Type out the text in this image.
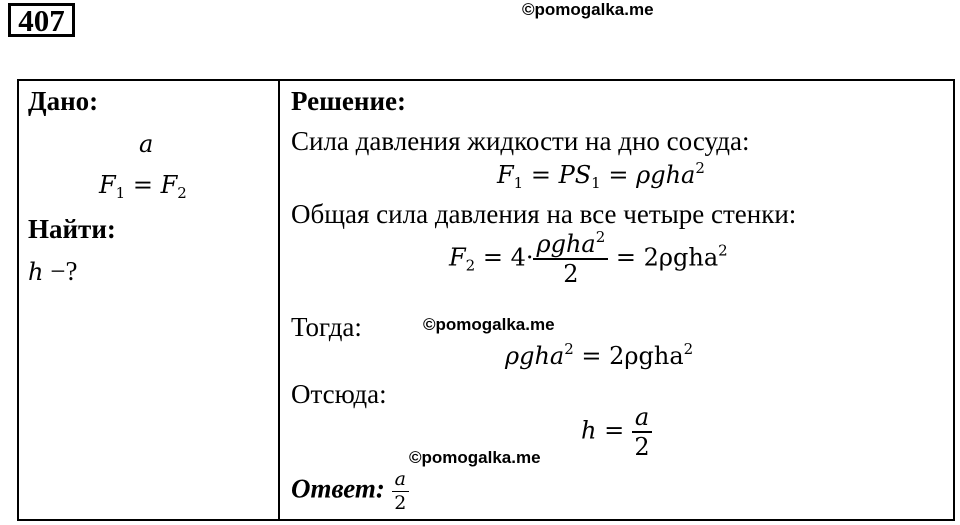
407	©pomogalka.me
Дано:
a
$F_1 = F_2$
Найти:
h −?
Решение:
Сила давления жидкости на дно сосуда:
$F_1 = PS_1 = \rho gha^2$
Общая сила давления на все четыре стенки:
$F_2 = 4\cdot \frac{\rho gha^2}{2} = 2\rho gha^2$
Тогда:
ρgha$^2$ = 2ρgha$^2$
Отсюда:
$h = \frac{a}{2}$
Ответ: $\frac{a}{2}$
©pomogalka.me
©pomogalka.me
